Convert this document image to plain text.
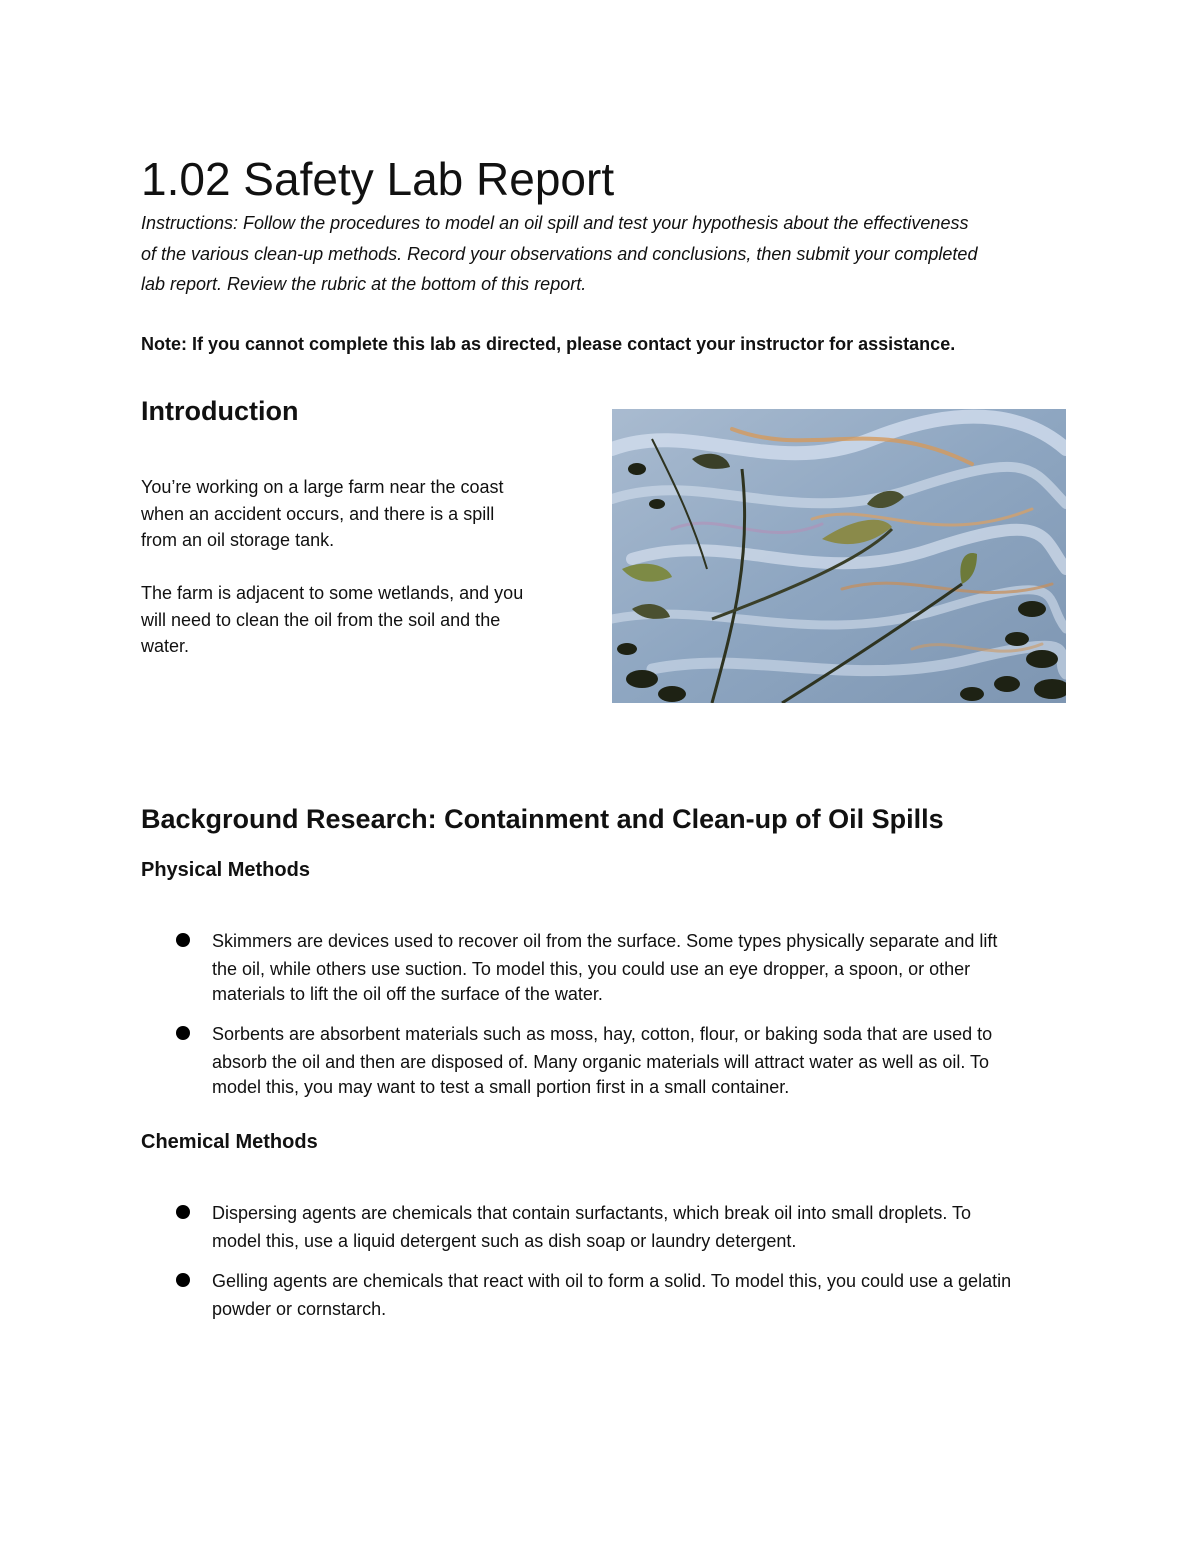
1.02 Safety Lab Report

Instructions: Follow the procedures to model an oil spill and test your hypothesis about the effectiveness
of the various clean-up methods. Record your observations and conclusions, then submit your completed
lab report. Review the rubric at the bottom of this report.

Note: If you cannot complete this lab as directed, please contact your instructor for assistance.

Introduction

You’re working on a large farm near the coast
when an accident occurs, and there is a spill
from an oil storage tank.

The farm is adjacent to some wetlands, and you
will need to clean the oil from the soil and the
water.

Background Research: Containment and Clean-up of Oil Spills
Physical Methods

Skimmers are devices used to recover oil from the surface. Some types physically separate and lift
the oil, while others use suction. To model this, you could use an eye dropper, a spoon, or other
materials to lift the oil off the surface of the water.

Sorbents are absorbent materials such as moss, hay, cotton, flour, or baking soda that are used to
absorb the oil and then are disposed of. Many organic materials will attract water as well as oil. To
model this, you may want to test a small portion first in a small container.

Chemical Methods

Dispersing agents are chemicals that contain surfactants, which break oil into small droplets. To
model this, use a liquid detergent such as dish soap or laundry detergent.

Gelling agents are chemicals that react with oil to form a solid. To model this, you could use a gelatin
powder or cornstarch.
